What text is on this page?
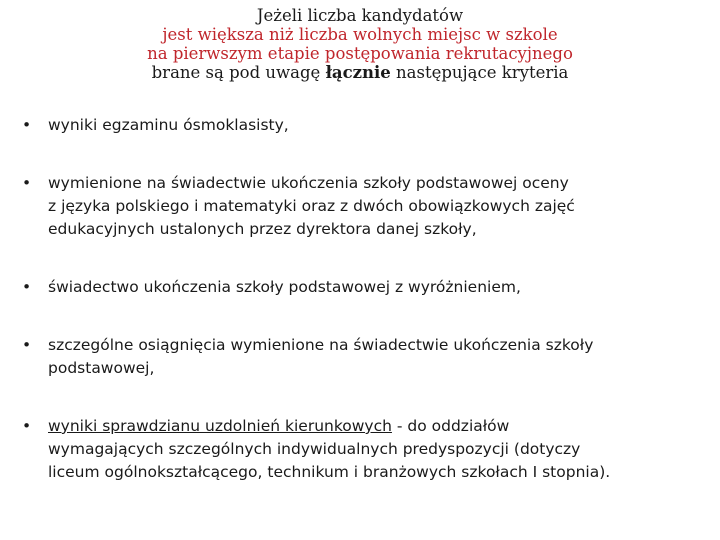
Jeżeli liczba kandydatów
jest większa niż liczba wolnych miejsc w szkole
na pierwszym etapie postępowania rekrutacyjnego
brane są pod uwagę łącznie następujące kryteria
•	wyniki egzaminu ósmoklasisty,
•	wymienione na świadectwie ukończenia szkoły podstawowej oceny
z języka polskiego i matematyki oraz z dwóch obowiązkowych zajęć
edukacyjnych ustalonych przez dyrektora danej szkoły,
•	świadectwo ukończenia szkoły podstawowej z wyróżnieniem,
•	szczególne osiągnięcia wymienione na świadectwie ukończenia szkoły
podstawowej,
•	wyniki sprawdzianu uzdolnień kierunkowych - do oddziałów
wymagających szczególnych indywidualnych predyspozycji (dotyczy
liceum ogólnokształcącego, technikum i branżowych szkołach I stopnia).
